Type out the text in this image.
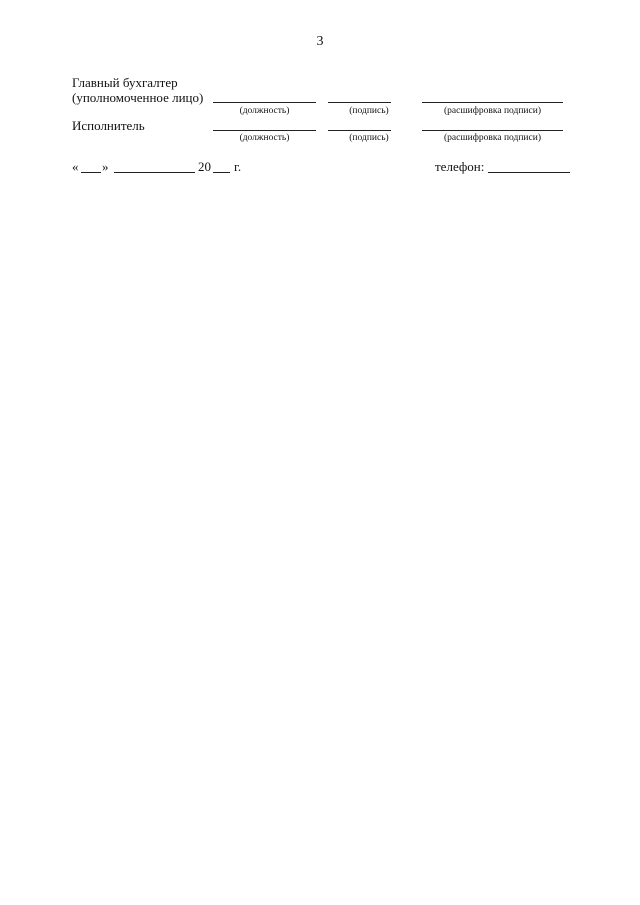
3
Главный бухгалтер
(уполномоченное лицо)
(должность)	(подпись)	(расшифровка подписи)
Исполнитель
(должность)	(подпись)	(расшифровка подписи)
« »	20 г.	телефон:
